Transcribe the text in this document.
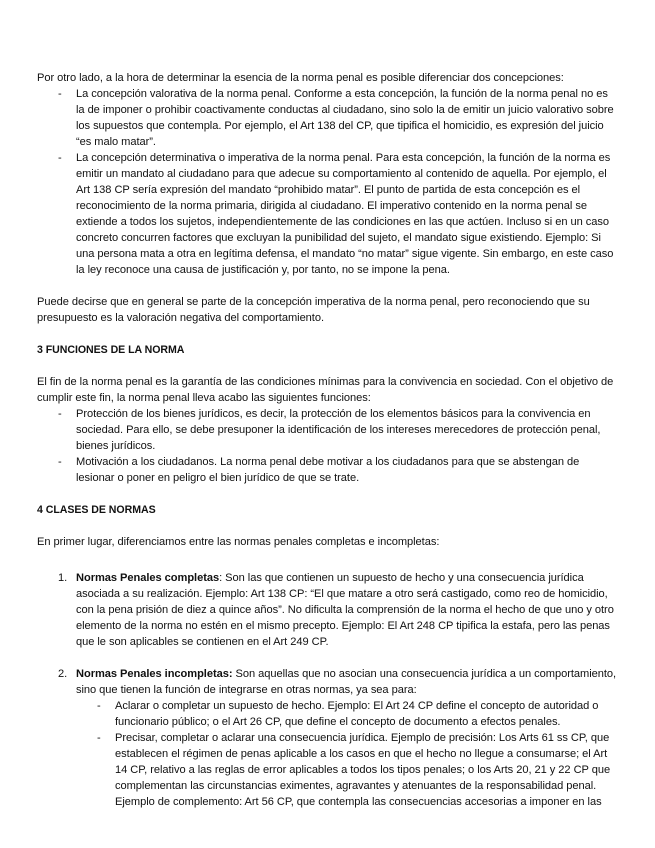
Por otro lado, a la hora de determinar la esencia de la norma penal es posible diferenciar dos concepciones:

- La concepción valorativa de la norma penal. Conforme a esta concepción, la función de la norma penal no es la de imponer o prohibir coactivamente conductas al ciudadano, sino solo la de emitir un juicio valorativo sobre los supuestos que contempla. Por ejemplo, el Art 138 del CP, que tipifica el homicidio, es expresión del juicio “es malo matar”.
- La concepción determinativa o imperativa de la norma penal. Para esta concepción, la función de la norma es emitir un mandato al ciudadano para que adecue su comportamiento al contenido de aquella. Por ejemplo, el Art 138 CP sería expresión del mandato “prohibido matar”. El punto de partida de esta concepción es el reconocimiento de la norma primaria, dirigida al ciudadano. El imperativo contenido en la norma penal se extiende a todos los sujetos, independientemente de las condiciones en las que actúen. Incluso si en un caso concreto concurren factores que excluyan la punibilidad del sujeto, el mandato sigue existiendo. Ejemplo: Si una persona mata a otra en legítima defensa, el mandato “no matar” sigue vigente. Sin embargo, en este caso la ley reconoce una causa de justificación y, por tanto, no se impone la pena.

Puede decirse que en general se parte de la concepción imperativa de la norma penal, pero reconociendo que su presupuesto es la valoración negativa del comportamiento.

3 FUNCIONES DE LA NORMA

El fin de la norma penal es la garantía de las condiciones mínimas para la convivencia en sociedad. Con el objetivo de cumplir este fin, la norma penal lleva acabo las siguientes funciones:

- Protección de los bienes jurídicos, es decir, la protección de los elementos básicos para la convivencia en sociedad. Para ello, se debe presuponer la identificación de los intereses merecedores de protección penal, bienes jurídicos.
- Motivación a los ciudadanos. La norma penal debe motivar a los ciudadanos para que se abstengan de lesionar o poner en peligro el bien jurídico de que se trate.

4 CLASES DE NORMAS

En primer lugar, diferenciamos entre las normas penales completas e incompletas:

1. Normas Penales completas: Son las que contienen un supuesto de hecho y una consecuencia jurídica asociada a su realización. Ejemplo: Art 138 CP: “El que matare a otro será castigado, como reo de homicidio, con la pena prisión de diez a quince años”. No dificulta la comprensión de la norma el hecho de que uno y otro elemento de la norma no estén en el mismo precepto. Ejemplo: El Art 248 CP tipifica la estafa, pero las penas que le son aplicables se contienen en el Art 249 CP.
2. Normas Penales incompletas: Son aquellas que no asocian una consecuencia jurídica a un comportamiento, sino que tienen la función de integrarse en otras normas, ya sea para:
- Aclarar o completar un supuesto de hecho. Ejemplo: El Art 24 CP define el concepto de autoridad o funcionario público; o el Art 26 CP, que define el concepto de documento a efectos penales.
- Precisar, completar o aclarar una consecuencia jurídica. Ejemplo de precisión: Los Arts 61 ss CP, que establecen el régimen de penas aplicable a los casos en que el hecho no llegue a consumarse; el Art 14 CP, relativo a las reglas de error aplicables a todos los tipos penales; o los Arts 20, 21 y 22 CP que complementan las circunstancias eximentes, agravantes y atenuantes de la responsabilidad penal. Ejemplo de complemento: Art 56 CP, que contempla las consecuencias accesorias a imponer en las
